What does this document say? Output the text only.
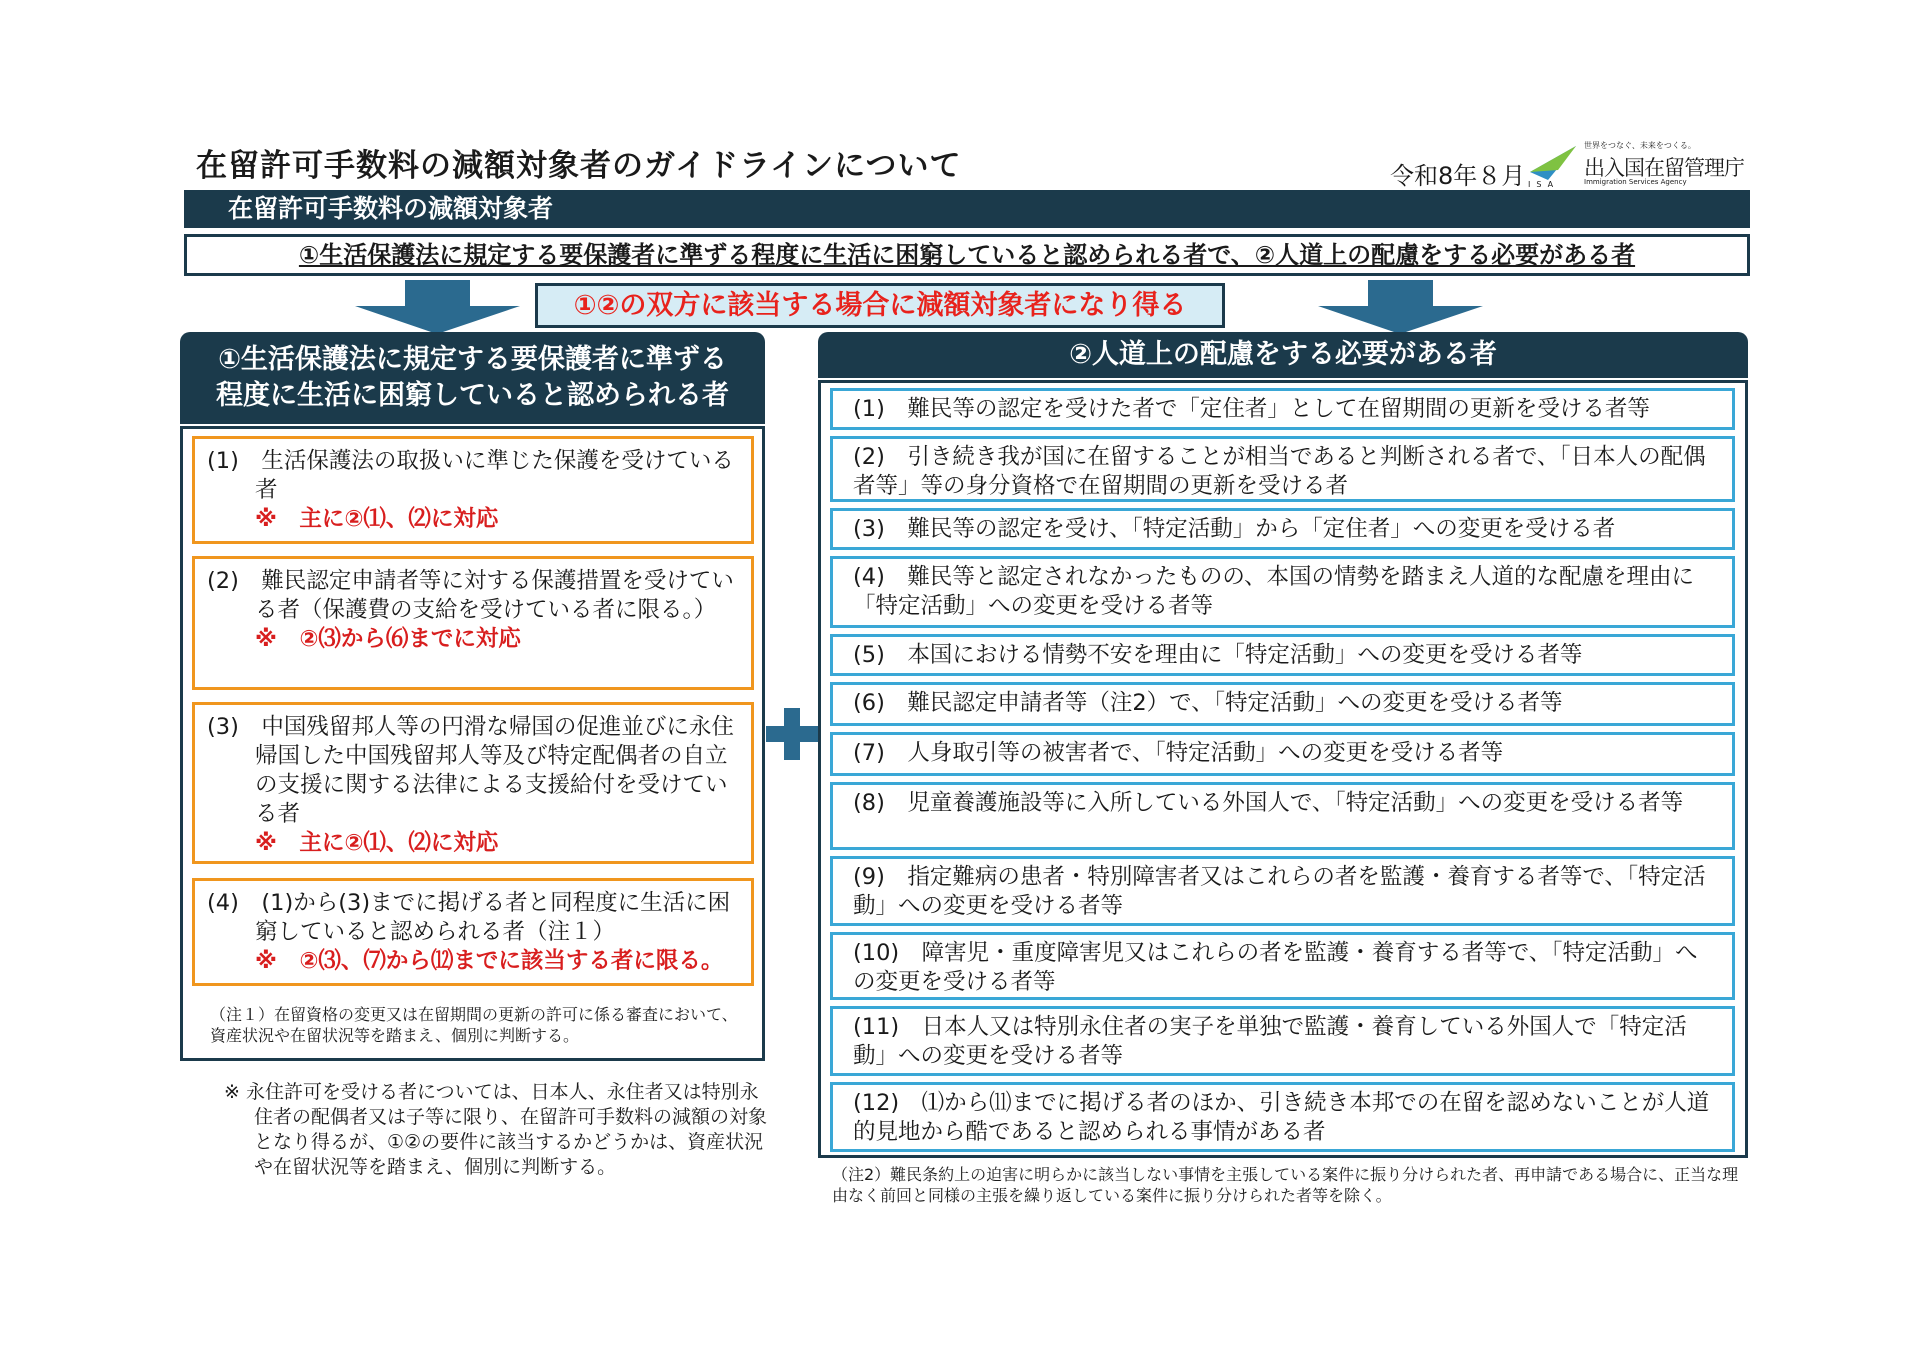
在留許可手数料の減額対象者のガイドラインについて	令和8年８月
世界をつなぐ、未来をつくる。
出入国在留管理庁
Immigration Services Agency
ISA
在留許可手数料の減額対象者
①生活保護法に規定する要保護者に準ずる程度に生活に困窮していると認められる者で、②人道上の配慮をする必要がある者
①②の双方に該当する場合に減額対象者になり得る
①生活保護法に規定する要保護者に準ずる
程度に生活に困窮していると認められる者
②人道上の配慮をする必要がある者
(1)　生活保護法の取扱いに準じた保護を受けている者
※　主に②⑴、⑵に対応
(2)　難民認定申請者等に対する保護措置を受けている者（保護費の支給を受けている者に限る。）
※　②⑶から⑹までに対応
(3)　中国残留邦人等の円滑な帰国の促進並びに永住帰国した中国残留邦人等及び特定配偶者の自立の支援に関する法律による支援給付を受けている者
※　主に②⑴、⑵に対応
(4)　(1)から(3)までに掲げる者と同程度に生活に困窮していると認められる者（注１）
※　②⑶、⑺から⑿までに該当する者に限る。
（注１）在留資格の変更又は在留期間の更新の許可に係る審査において、資産状況や在留状況等を踏まえ、個別に判断する。
(1)　難民等の認定を受けた者で「定住者」として在留期間の更新を受ける者等
(2)　引き続き我が国に在留することが相当であると判断される者で、「日本人の配偶者等」等の身分資格で在留期間の更新を受ける者
(3)　難民等の認定を受け、「特定活動」から「定住者」への変更を受ける者
(4)　難民等と認定されなかったものの、本国の情勢を踏まえ人道的な配慮を理由に「特定活動」への変更を受ける者等
(5)　本国における情勢不安を理由に「特定活動」への変更を受ける者等
(6)　難民認定申請者等（注2）で、「特定活動」への変更を受ける者等
(7)　人身取引等の被害者で、「特定活動」への変更を受ける者等
(8)　児童養護施設等に入所している外国人で、「特定活動」への変更を受ける者等
(9)　指定難病の患者・特別障害者又はこれらの者を監護・養育する者等で、「特定活動」への変更を受ける者等
(10)　障害児・重度障害児又はこれらの者を監護・養育する者等で、「特定活動」への変更を受ける者等
(11)　日本人又は特別永住者の実子を単独で監護・養育している外国人で「特定活動」への変更を受ける者等
(12)　⑴から⑾までに掲げる者のほか、引き続き本邦での在留を認めないことが人道的見地から酷であると認められる事情がある者
（注2）難民条約上の迫害に明らかに該当しない事情を主張している案件に振り分けられた者、再申請である場合に、正当な理由なく前回と同様の主張を繰り返している案件に振り分けられた者等を除く。
※ 永住許可を受ける者については、日本人、永住者又は特別永住者の配偶者又は子等に限り、在留許可手数料の減額の対象となり得るが、①②の要件に該当するかどうかは、資産状況や在留状況等を踏まえ、個別に判断する。
